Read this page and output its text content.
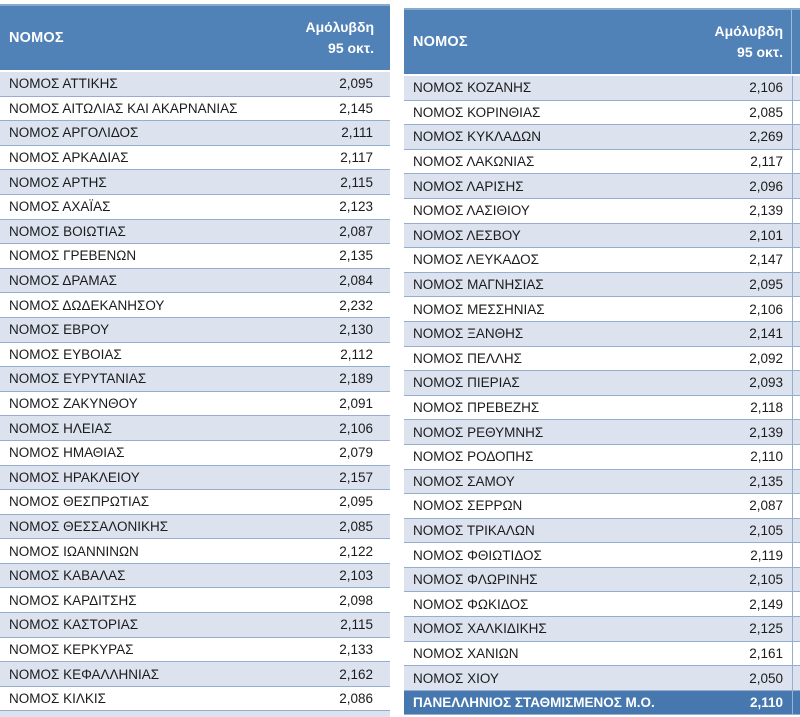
ΝΟΜΟΣ
Αμόλυβδη
95 οκτ.
ΝΟΜΟΣ ΑΤΤΙΚΗΣ	2,095
ΝΟΜΟΣ ΑΙΤΩΛΙΑΣ ΚΑΙ ΑΚΑΡΝΑΝΙΑΣ	2,145
ΝΟΜΟΣ ΑΡΓΟΛΙΔΟΣ	2,111
ΝΟΜΟΣ ΑΡΚΑΔΙΑΣ	2,117
ΝΟΜΟΣ ΑΡΤΗΣ	2,115
ΝΟΜΟΣ ΑΧΑΪΑΣ	2,123
ΝΟΜΟΣ ΒΟΙΩΤΙΑΣ	2,087
ΝΟΜΟΣ ΓΡΕΒΕΝΩΝ	2,135
ΝΟΜΟΣ ΔΡΑΜΑΣ	2,084
ΝΟΜΟΣ ΔΩΔΕΚΑΝΗΣΟΥ	2,232
ΝΟΜΟΣ ΕΒΡΟΥ	2,130
ΝΟΜΟΣ ΕΥΒΟΙΑΣ	2,112
ΝΟΜΟΣ ΕΥΡΥΤΑΝΙΑΣ	2,189
ΝΟΜΟΣ ΖΑΚΥΝΘΟΥ	2,091
ΝΟΜΟΣ ΗΛΕΙΑΣ	2,106
ΝΟΜΟΣ ΗΜΑΘΙΑΣ	2,079
ΝΟΜΟΣ ΗΡΑΚΛΕΙΟΥ	2,157
ΝΟΜΟΣ ΘΕΣΠΡΩΤΙΑΣ	2,095
ΝΟΜΟΣ ΘΕΣΣΑΛΟΝΙΚΗΣ	2,085
ΝΟΜΟΣ ΙΩΑΝΝΙΝΩΝ	2,122
ΝΟΜΟΣ ΚΑΒΑΛΑΣ	2,103
ΝΟΜΟΣ ΚΑΡΔΙΤΣΗΣ	2,098
ΝΟΜΟΣ ΚΑΣΤΟΡΙΑΣ	2,115
ΝΟΜΟΣ ΚΕΡΚΥΡΑΣ	2,133
ΝΟΜΟΣ ΚΕΦΑΛΛΗΝΙΑΣ	2,162
ΝΟΜΟΣ ΚΙΛΚΙΣ	2,086
ΝΟΜΟΣ
Αμόλυβδη
95 οκτ.
ΝΟΜΟΣ ΚΟΖΑΝΗΣ	2,106
ΝΟΜΟΣ ΚΟΡΙΝΘΙΑΣ	2,085
ΝΟΜΟΣ ΚΥΚΛΑΔΩΝ	2,269
ΝΟΜΟΣ ΛΑΚΩΝΙΑΣ	2,117
ΝΟΜΟΣ ΛΑΡΙΣΗΣ	2,096
ΝΟΜΟΣ ΛΑΣΙΘΙΟΥ	2,139
ΝΟΜΟΣ ΛΕΣΒΟΥ	2,101
ΝΟΜΟΣ ΛΕΥΚΑΔΟΣ	2,147
ΝΟΜΟΣ ΜΑΓΝΗΣΙΑΣ	2,095
ΝΟΜΟΣ ΜΕΣΣΗΝΙΑΣ	2,106
ΝΟΜΟΣ ΞΑΝΘΗΣ	2,141
ΝΟΜΟΣ ΠΕΛΛΗΣ	2,092
ΝΟΜΟΣ ΠΙΕΡΙΑΣ	2,093
ΝΟΜΟΣ ΠΡΕΒΕΖΗΣ	2,118
ΝΟΜΟΣ ΡΕΘΥΜΝΗΣ	2,139
ΝΟΜΟΣ ΡΟΔΟΠΗΣ	2,110
ΝΟΜΟΣ ΣΑΜΟΥ	2,135
ΝΟΜΟΣ ΣΕΡΡΩΝ	2,087
ΝΟΜΟΣ ΤΡΙΚΑΛΩΝ	2,105
ΝΟΜΟΣ ΦΘΙΩΤΙΔΟΣ	2,119
ΝΟΜΟΣ ΦΛΩΡΙΝΗΣ	2,105
ΝΟΜΟΣ ΦΩΚΙΔΟΣ	2,149
ΝΟΜΟΣ ΧΑΛΚΙΔΙΚΗΣ	2,125
ΝΟΜΟΣ ΧΑΝΙΩΝ	2,161
ΝΟΜΟΣ ΧΙΟΥ	2,050
ΠΑΝΕΛΛΗΝΙΟΣ ΣΤΑΘΜΙΣΜΕΝΟΣ Μ.Ο.	2,110
